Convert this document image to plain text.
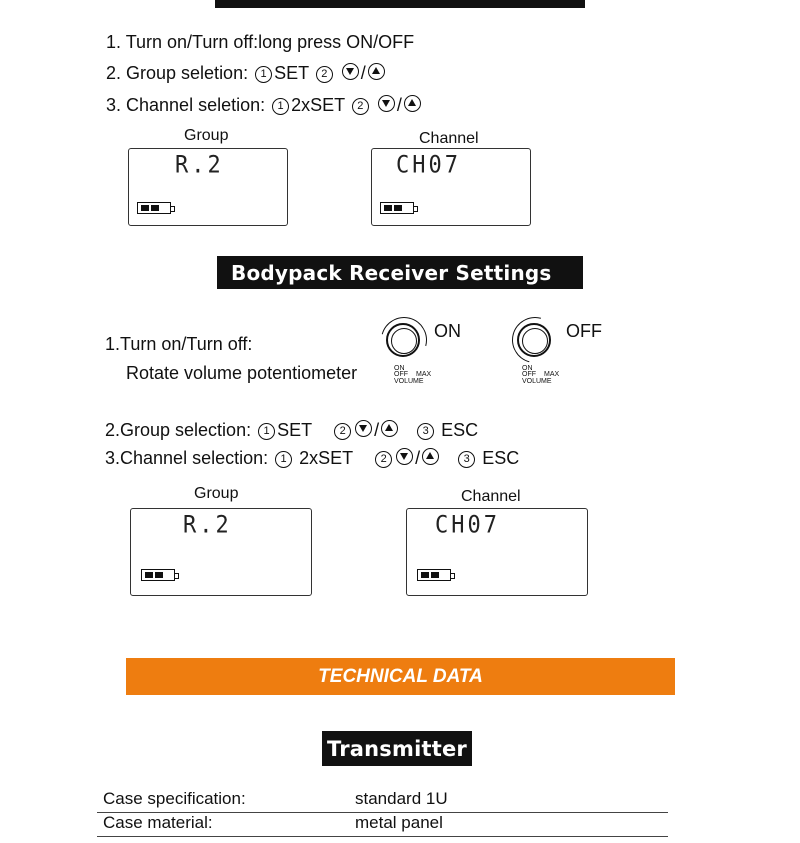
1. Turn on/Turn off:long press ON/OFF
2. Group seletion: 1 SET 2 /
3. Channel seletion: 1 2xSET 2 /
Group
R.2
Channel
CH07
Bodypack Receiver Settings
1.Turn on/Turn off:
Rotate volume potentiometer
ON
ON
OFF MAX
VOLUME
OFF
ON
OFF MAX
VOLUME
2.Group selection: 1 SET 2 /	3 ESC
3.Channel selection: 1 2xSET 2 /	3 ESC
Group
R.2
Channel
CH07
TECHNICAL DATA
Transmitter
Case specification:	standard 1U
Case material:	metal panel
